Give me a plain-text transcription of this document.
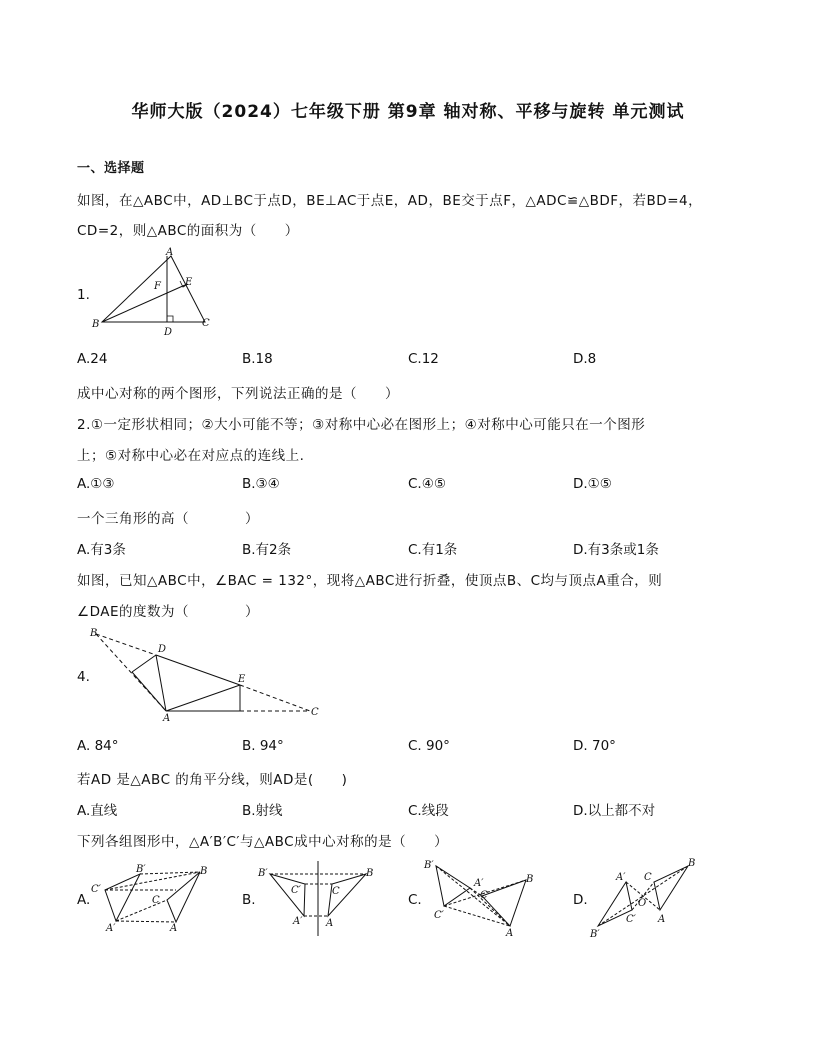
华师大版（2024）七年级下册 第9章 轴对称、平移与旋转 单元测试
一、选择题
如图，在△ABC中，AD⊥BC于点D，BE⊥AC于点E，AD，BE交于点F，△ADC≌△BDF，若BD=4，
CD=2，则△ABC的面积为（　　）
1.
A
B	C
D
E
F
A.24	B.18	C.12	D.8
成中心对称的两个图形，下列说法正确的是（　　）
2.①一定形状相同；②大小可能不等；③对称中心必在图形上；④对称中心可能只在一个图形
上；⑤对称中心必在对应点的连线上.
A.①③	B.③④	C.④⑤	D.①⑤
一个三角形的高（　　　　）
A.有3条	B.有2条	C.有1条	D.有3条或1条
如图，已知△ABC中，∠BAC = 132°，现将△ABC进行折叠，使顶点B、C均与顶点A重合，则
∠DAE的度数为（　　　　）
4.
B
D
E
C
A
A. 84°	B. 94°	C. 90°	D. 70°
若AD 是△ABC 的角平分线，则AD是(　　)
A.直线	B.射线	C.线段	D.以上都不对
下列各组图形中，△A′B′C′与△ABC成中心对称的是（　　）
A.	B.	C.	D.
C′
B′
A′
B
C
A
B′
C′
A′
B
C
A
B′
C′
A′	B
C
A	B′
A′
C′
B
C
A
O
